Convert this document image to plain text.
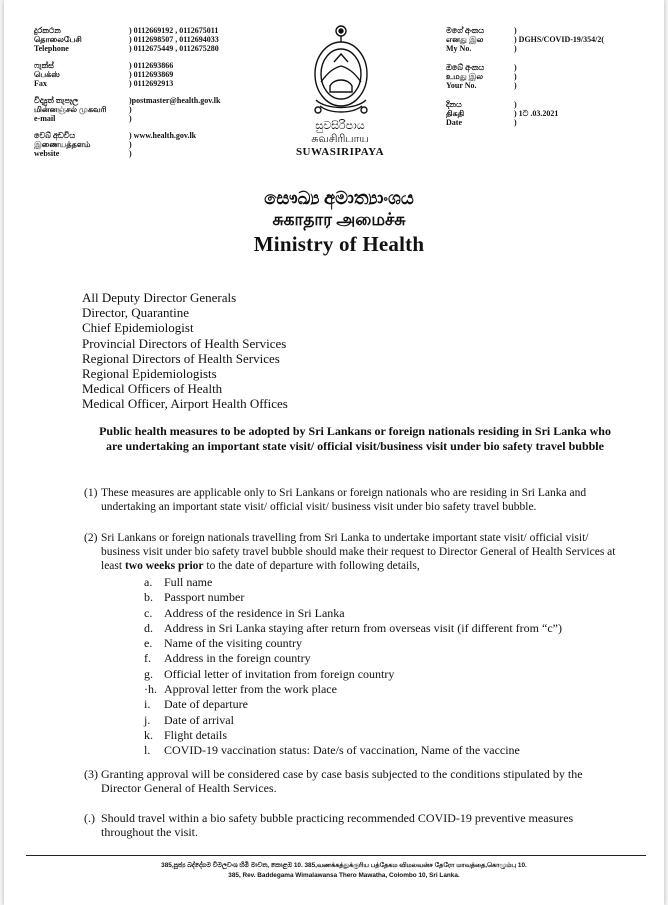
දුරකථන
தொலைபேசி
Telephone
) 0112669192 , 0112675011
) 0112698507 , 0112694033
) 0112675449 , 0112675280
ෆැක්ස්
பெக்ஸ்
Fax
) 0112693866
) 0112693869
) 0112692913
විද්‍යුත් තැපෑල
மின்னஞ்சல் முகவரி
e-mail
)postmaster@health.gov.lk
)
)
වෙබ් අඩවිය
இணையத்தளம்
website
) www.health.gov.lk
)
)
සුවසිරිපාය
சுவசிரிபாய
SUWASIRIPAYA
මගේ අංකය
எனது இல
My No.
)
) DGHS/COVID-19/354/2(
)
ඔබේ අංකය
உமது இல
Your No.
)
)
)
දිනය
திகதி
Date
)
) 1ට .03.2021
)
සෞඛ්‍ය අමාත්‍යාංශය
சுகாதார அமைச்சு
Ministry of Health
All Deputy Director Generals
Director, Quarantine
Chief Epidemiologist
Provincial Directors of Health Services
Regional Directors of Health Services
Regional Epidemiologists
Medical Officers of Health
Medical Officer, Airport Health Offices
Public health measures to be adopted by Sri Lankans or foreign nationals residing in Sri Lanka who are undertaking an important state visit/ official visit/business visit under bio safety travel bubble
(1) These measures are applicable only to Sri Lankans or foreign nationals who are residing in Sri Lanka and undertaking an important state visit/ official visit/ business visit under bio safety travel bubble.
(2) Sri Lankans or foreign nationals travelling from Sri Lanka to undertake important state visit/ official visit/ business visit under bio safety travel bubble should make their request to Director General of Health Services at least two weeks prior to the date of departure with following details,
a. Full name
b. Passport number
c. Address of the residence in Sri Lanka
d. Address in Sri Lanka staying after return from overseas visit (if different from “c”)
e. Name of the visiting country
f. Address in the foreign country
g. Official letter of invitation from foreign country
·h. Approval letter from the work place
i. Date of departure
j. Date of arrival
k. Flight details
l. COVID-19 vaccination status: Date/s of vaccination, Name of the vaccine
(3) Granting approval will be considered case by case basis subjected to the conditions stipulated by the Director General of Health Services.
(.) Should travel within a bio safety bubble practicing recommended COVID-19 preventive measures throughout the visit.
385,පූජ්‍ය බද්දේගම විමලවංශ හිමි මාවත, කොළඹ 10. 385,வணக்கத்துக்குரிய பத்தேகம விமலவன்ச தேரோ மாவத்தை,கொழும்பு 10.
385, Rev. Baddegama Wimalawansa Thero Mawatha, Colombo 10, Sri Lanka.
